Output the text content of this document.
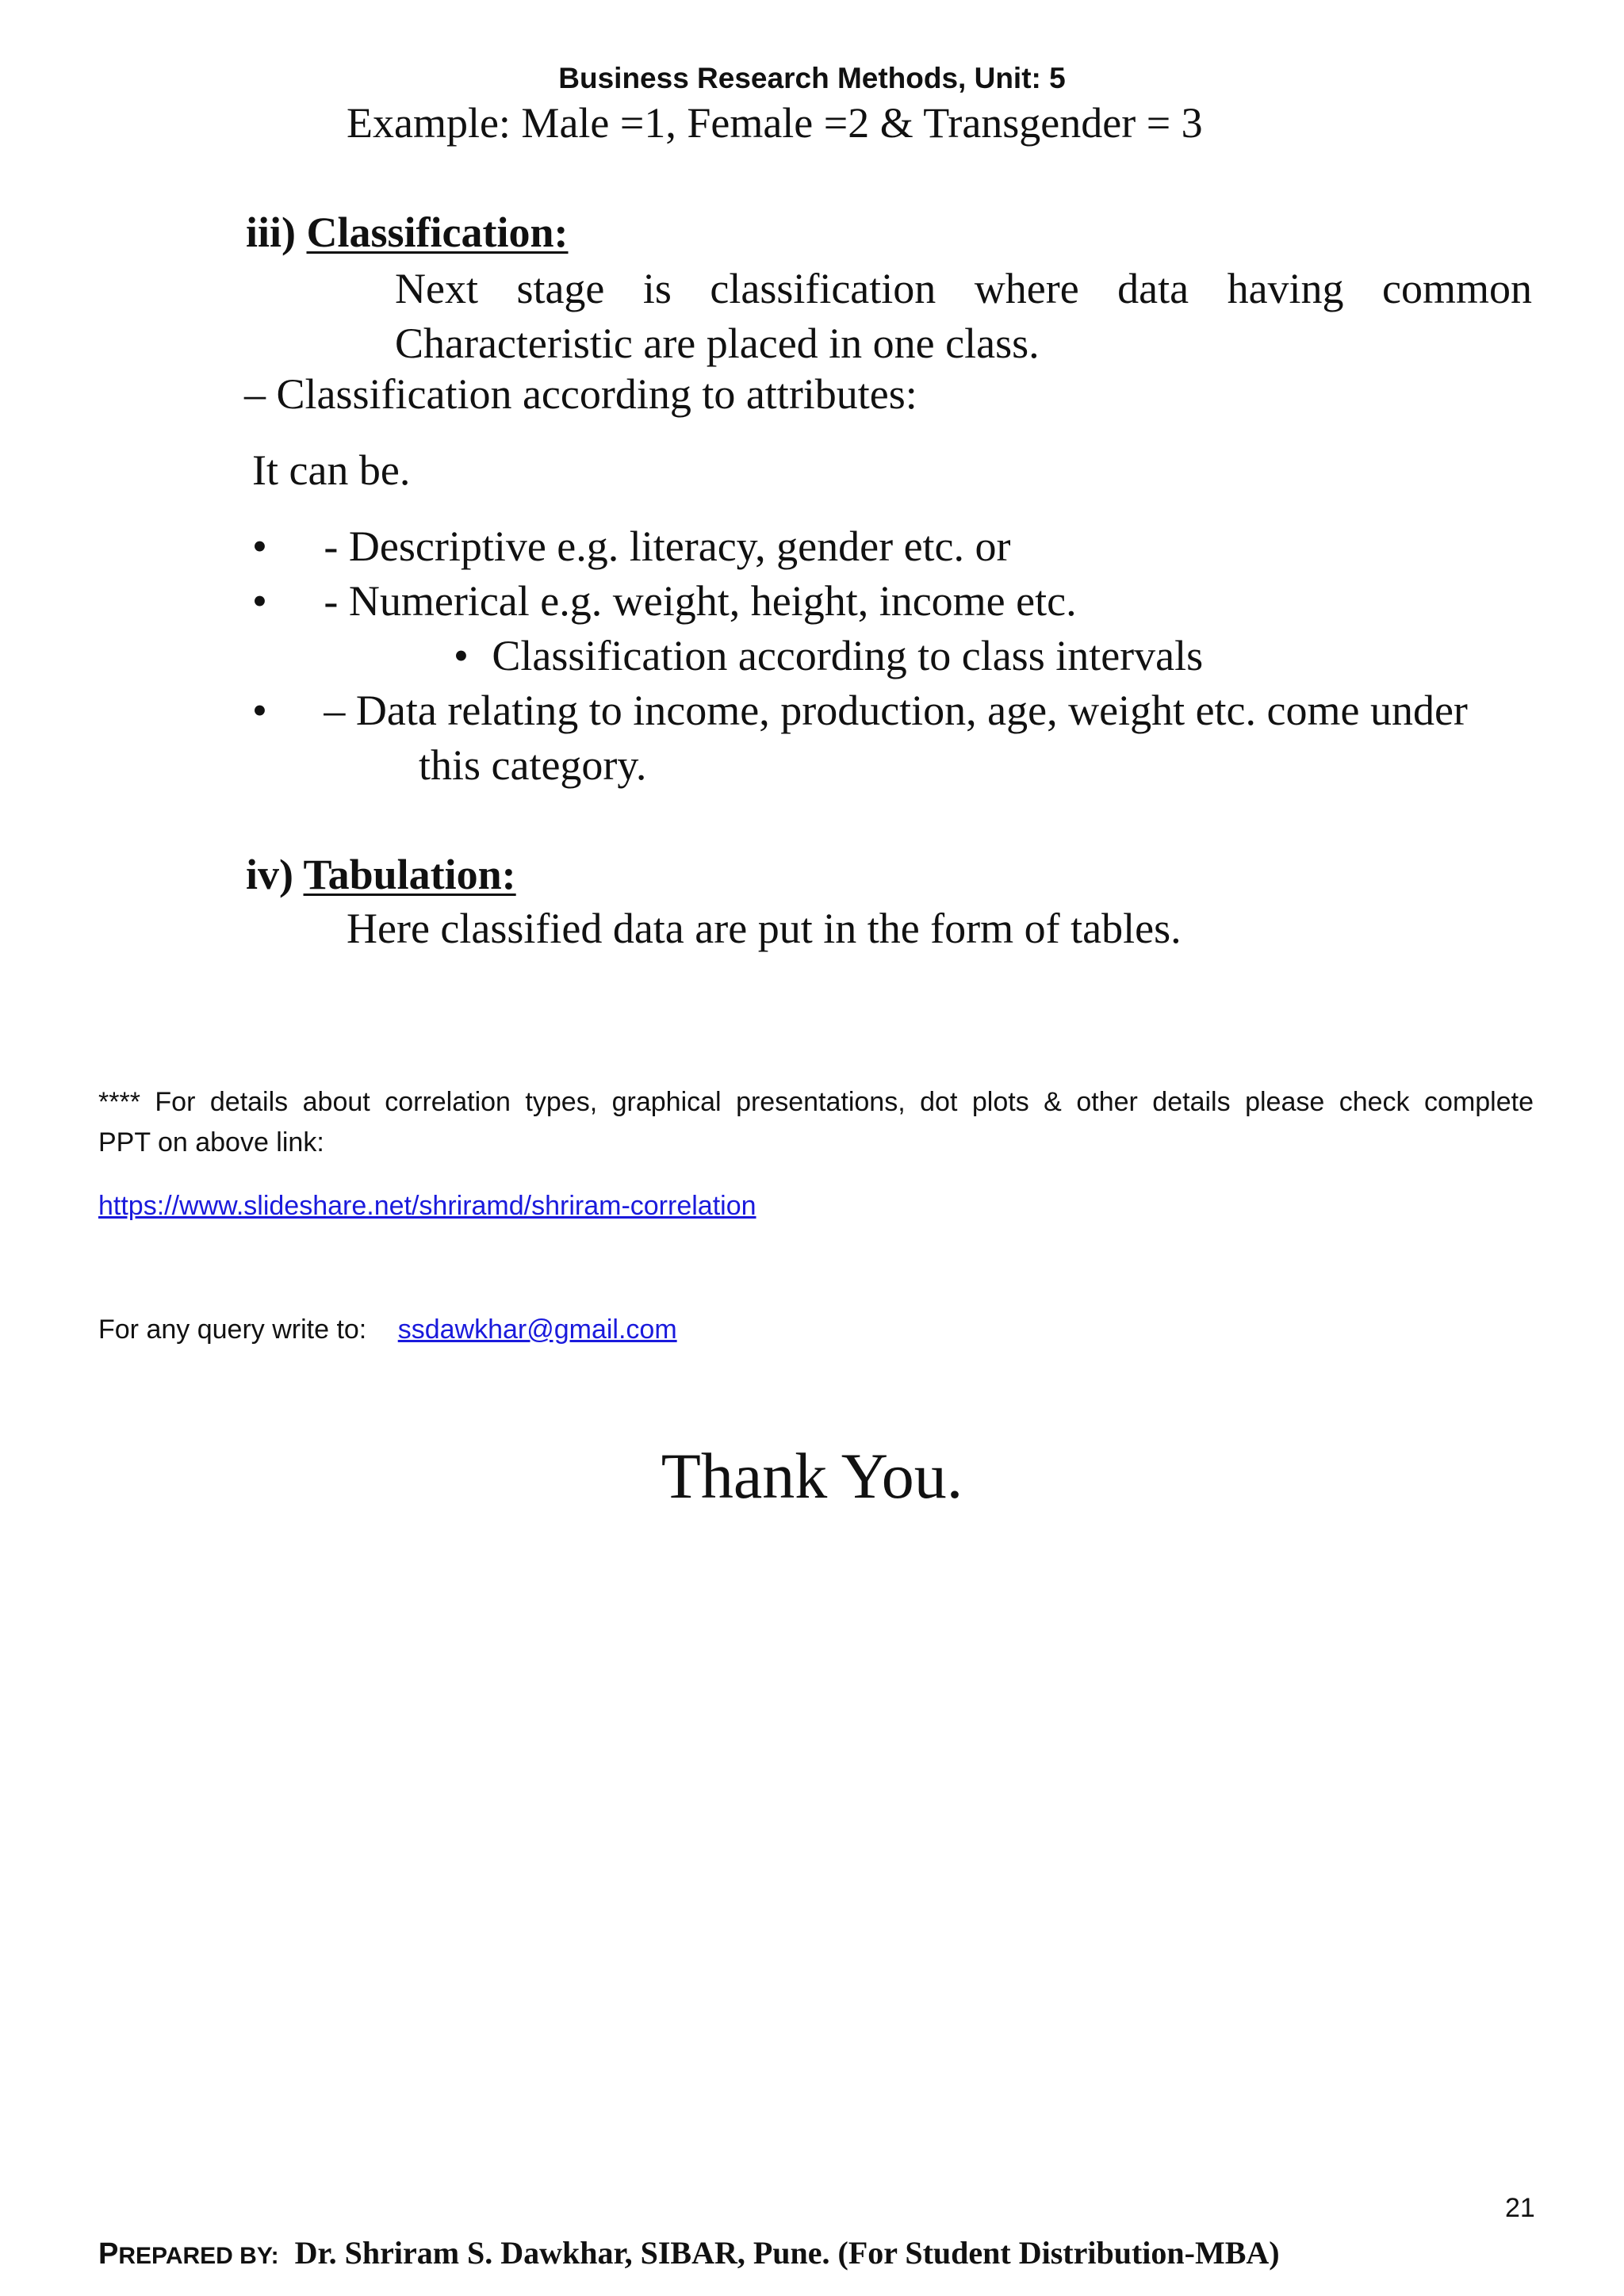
Business Research Methods, Unit: 5
Example: Male =1, Female =2 & Transgender = 3
iii) Classification:
Next stage is classification where data having common
Characteristic are placed in one class.
– Classification according to attributes:
It can be.
• - Descriptive e.g. literacy, gender etc. or
• - Numerical e.g. weight, height, income etc.
• Classification according to class intervals
• – Data relating to income, production, age, weight etc. come under
this category.
iv) Tabulation:
Here classified data are put in the form of tables.
**** For details about correlation types, graphical presentations, dot plots & other details please check complete
PPT on above link:
https://www.slideshare.net/shriramd/shriram-correlation
For any query write to: ssdawkhar@gmail.com
Thank You.
21
PREPARED BY: Dr. Shriram S. Dawkhar, SIBAR, Pune. (For Student Distribution-MBA)
